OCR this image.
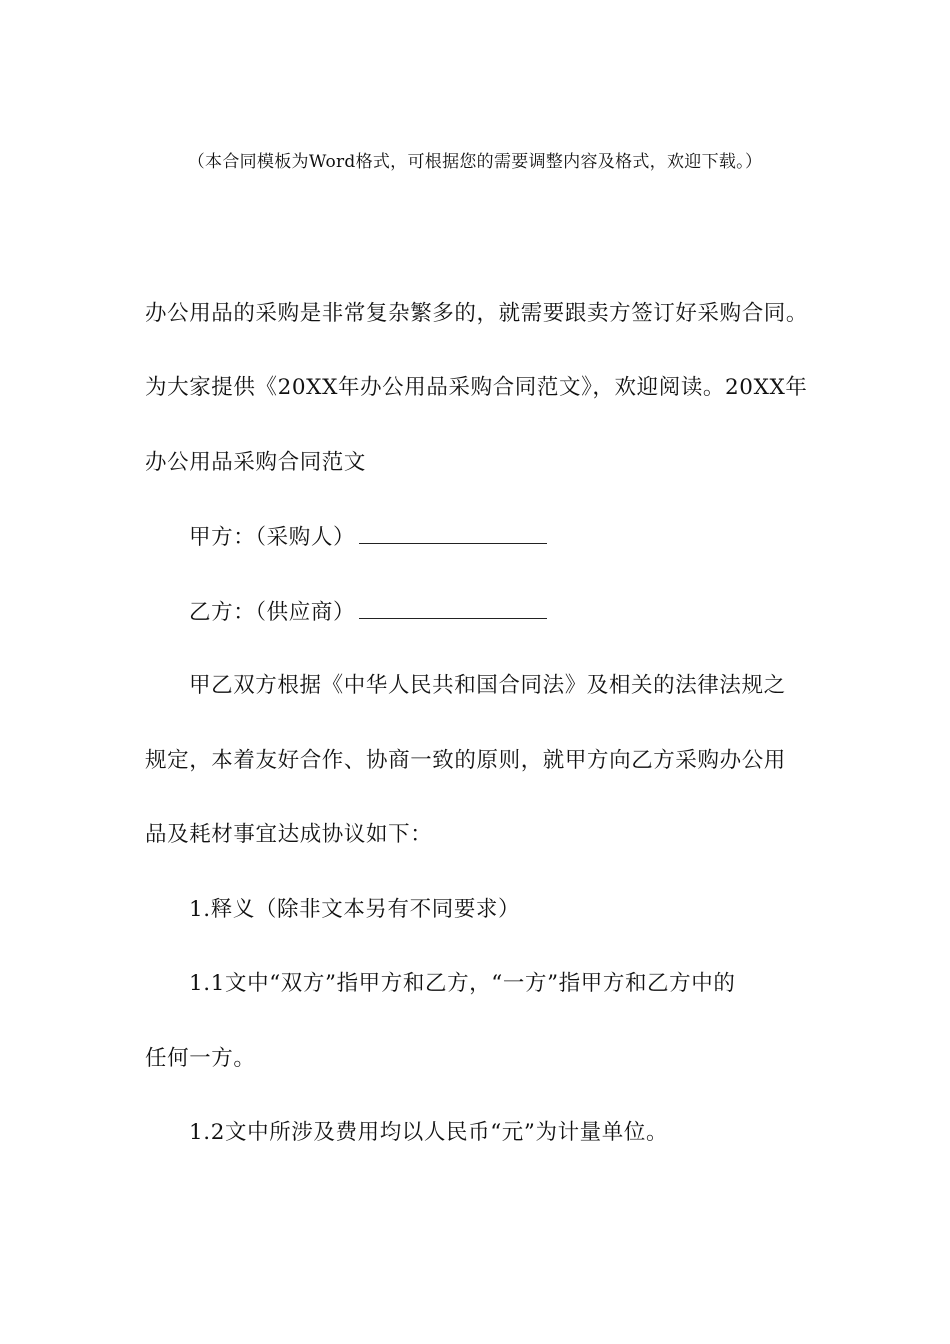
（本合同模板为Word格式，可根据您的需要调整内容及格式，欢迎下载。）
办公用品的采购是非常复杂繁多的，就需要跟卖方签订好采购合同。
为大家提供《20XX年办公用品采购合同范文》，欢迎阅读。20XX年
办公用品采购合同范文
甲方：（采购人）
乙方：（供应商）
甲乙双方根据《中华人民共和国合同法》及相关的法律法规之
规定，本着友好合作、协商一致的原则，就甲方向乙方采购办公用
品及耗材事宜达成协议如下：
1.释义（除非文本另有不同要求）
1.1文中“双方”指甲方和乙方，“一方”指甲方和乙方中的
任何一方。
1.2文中所涉及费用均以人民币“元”为计量单位。
